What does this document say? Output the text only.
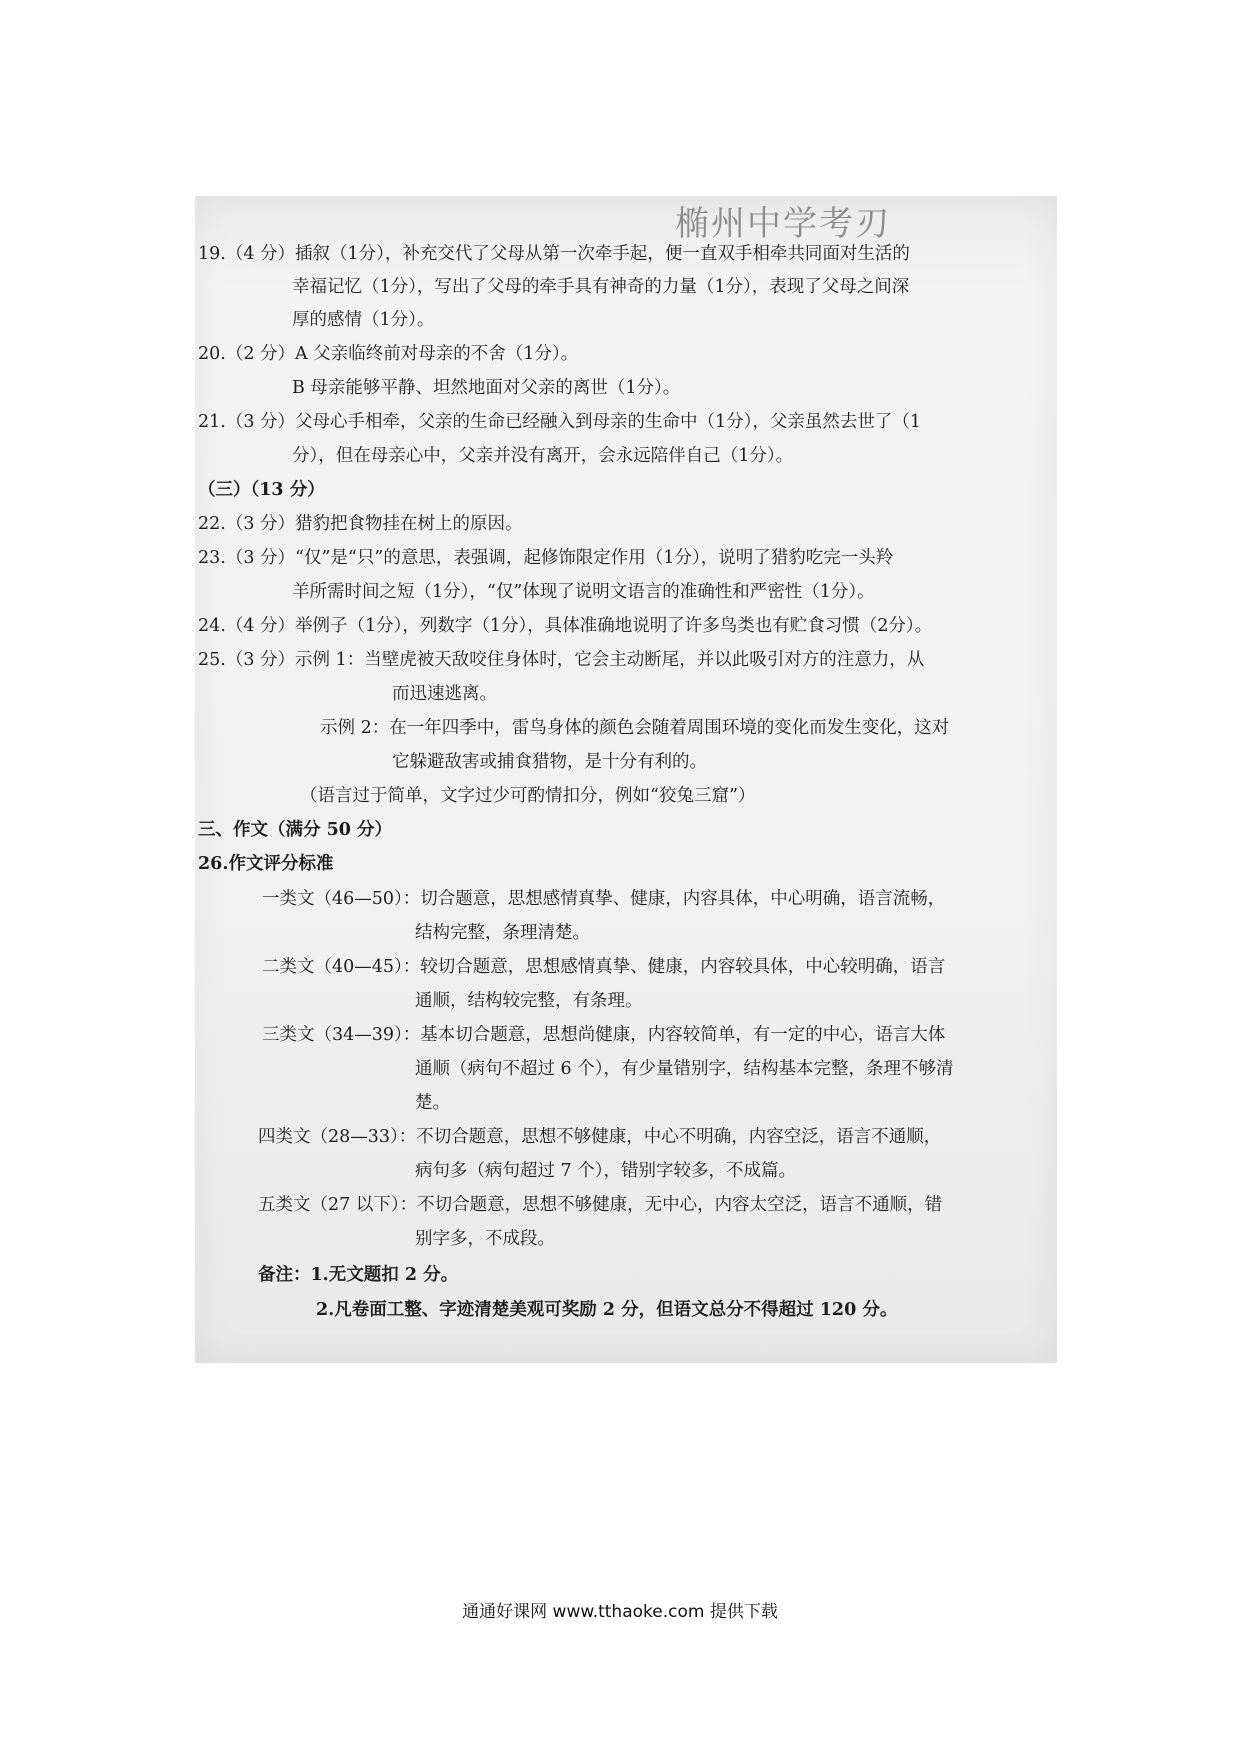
椭州中学考刃
19.（4 分）插叙（1分），补充交代了父母从第一次牵手起，便一直双手相牵共同面对生活的
幸福记忆（1分），写出了父母的牵手具有神奇的力量（1分），表现了父母之间深
厚的感情（1分）。
20.（2 分）A 父亲临终前对母亲的不舍（1分）。
B 母亲能够平静、坦然地面对父亲的离世（1分）。
21.（3 分）父母心手相牵，父亲的生命已经融入到母亲的生命中（1分），父亲虽然去世了（1
分），但在母亲心中，父亲并没有离开，会永远陪伴自己（1分）。
（三）（13 分）
22.（3 分）猎豹把食物挂在树上的原因。
23.（3 分）“仅”是“只”的意思，表强调，起修饰限定作用（1分），说明了猎豹吃完一头羚
羊所需时间之短（1分），“仅”体现了说明文语言的准确性和严密性（1分）。
24.（4 分）举例子（1分），列数字（1分），具体准确地说明了许多鸟类也有贮食习惯（2分）。
25.（3 分）示例 1：当壁虎被天敌咬住身体时，它会主动断尾，并以此吸引对方的注意力，从
而迅速逃离。
示例 2：在一年四季中，雷鸟身体的颜色会随着周围环境的变化而发生变化，这对
它躲避敌害或捕食猎物，是十分有利的。
（语言过于简单，文字过少可酌情扣分，例如“狡兔三窟”）
三、作文（满分 50 分）
26.作文评分标准
一类文（46—50）：切合题意，思想感情真挚、健康，内容具体，中心明确，语言流畅，
结构完整，条理清楚。
二类文（40—45）：较切合题意，思想感情真挚、健康，内容较具体，中心较明确，语言
通顺，结构较完整，有条理。
三类文（34—39）：基本切合题意，思想尚健康，内容较简单，有一定的中心，语言大体
通顺（病句不超过 6 个），有少量错别字，结构基本完整，条理不够清
楚。
四类文（28—33）：不切合题意，思想不够健康，中心不明确，内容空泛，语言不通顺，
病句多（病句超过 7 个），错别字较多，不成篇。
五类文（27 以下）：不切合题意，思想不够健康，无中心，内容太空泛，语言不通顺，错
别字多，不成段。
备注：1.无文题扣 2 分。
2.凡卷面工整、字迹清楚美观可奖励 2 分，但语文总分不得超过 120 分。
通通好课网 www.tthaoke.com 提供下载
